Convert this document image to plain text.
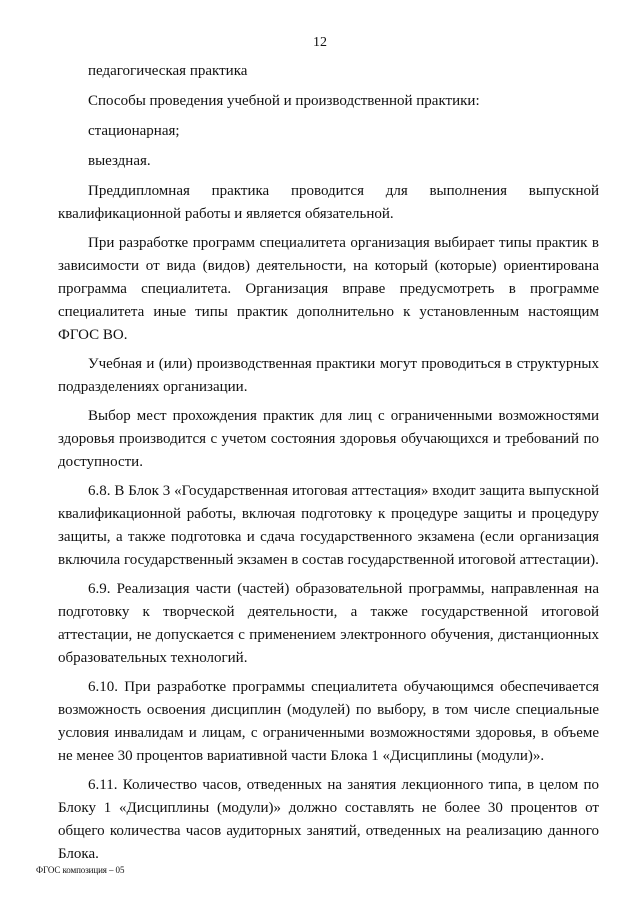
12

педагогическая практика

Способы проведения учебной и производственной практики:

стационарная;

выездная.

Преддипломная практика проводится для выполнения выпускной квалификационной работы и является обязательной.

При разработке программ специалитета организация выбирает типы практик в зависимости от вида (видов) деятельности, на который (которые) ориентирована программа специалитета. Организация вправе предусмотреть в программе специалитета иные типы практик дополнительно к установленным настоящим ФГОС ВО.

Учебная и (или) производственная практики могут проводиться в структурных подразделениях организации.

Выбор мест прохождения практик для лиц с ограниченными возможностями здоровья производится с учетом состояния здоровья обучающихся и требований по доступности.

6.8. В Блок 3 «Государственная итоговая аттестация» входит защита выпускной квалификационной работы, включая подготовку к процедуре защиты и процедуру защиты, а также подготовка и сдача государственного экзамена (если организация включила государственный экзамен в состав государственной итоговой аттестации).

6.9. Реализация части (частей) образовательной программы, направленная на подготовку к творческой деятельности, а также государственной итоговой аттестации, не допускается с применением электронного обучения, дистанционных образовательных технологий.

6.10. При разработке программы специалитета обучающимся обеспечивается возможность освоения дисциплин (модулей) по выбору, в том числе специальные условия инвалидам и лицам, с ограниченными возможностями здоровья, в объеме не менее 30 процентов вариативной части Блока 1 «Дисциплины (модули)».

6.11. Количество часов, отведенных на занятия лекционного типа, в целом по Блоку 1 «Дисциплины (модули)» должно составлять не более 30 процентов от общего количества часов аудиторных занятий, отведенных на реализацию данного Блока.

ФГОС композиция – 05
